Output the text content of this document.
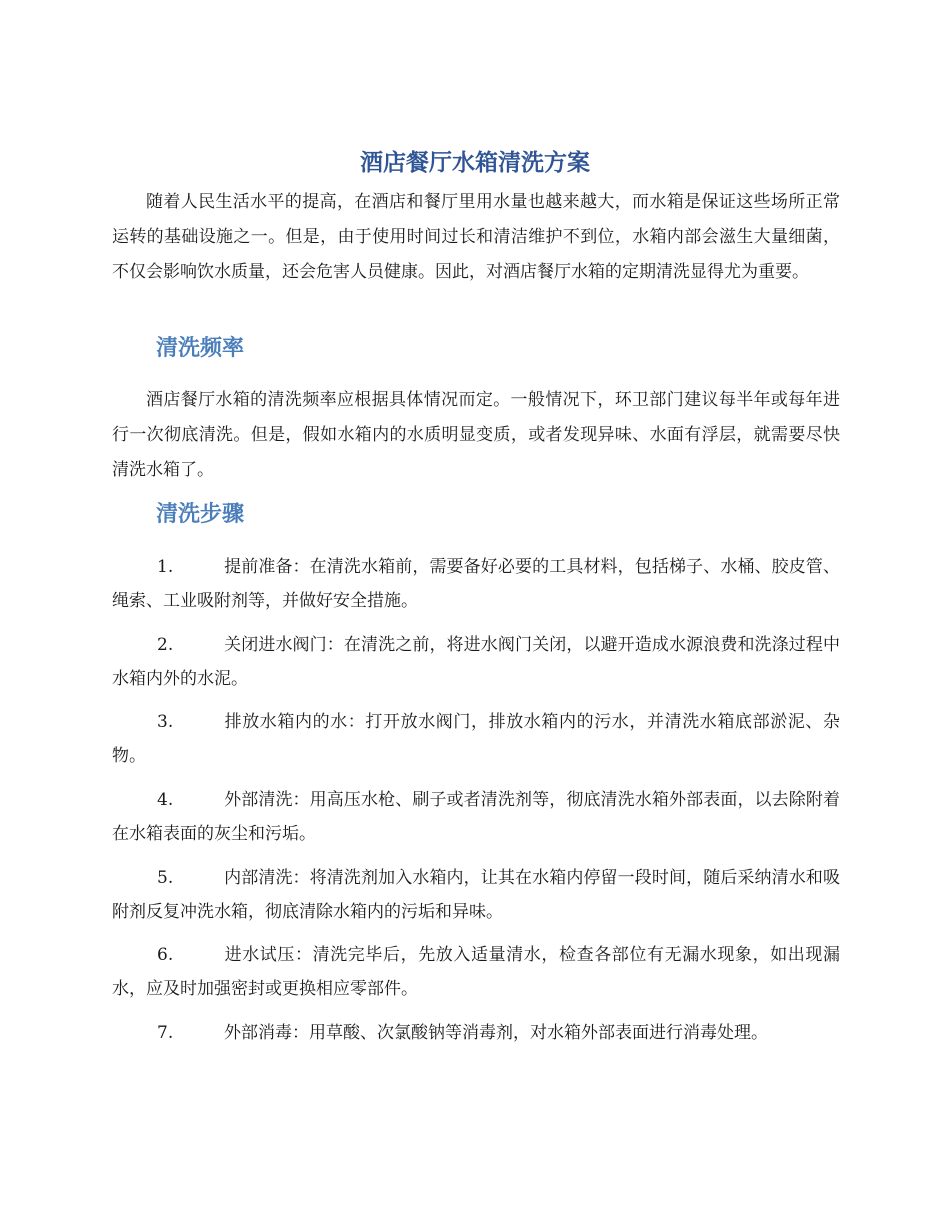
酒店餐厅水箱清洗方案

随着人民生活水平的提高，在酒店和餐厅里用水量也越来越大，而水箱是保证这些场所正常运转的基础设施之一。但是，由于使用时间过长和清洁维护不到位，水箱内部会滋生大量细菌，不仅会影响饮水质量，还会危害人员健康。因此，对酒店餐厅水箱的定期清洗显得尤为重要。

清洗频率

酒店餐厅水箱的清洗频率应根据具体情况而定。一般情况下，环卫部门建议每半年或每年进行一次彻底清洗。但是，假如水箱内的水质明显变质，或者发现异味、水面有浮层，就需要尽快清洗水箱了。

清洗步骤

1.	提前准备：在清洗水箱前，需要备好必要的工具材料，包括梯子、水桶、胶皮管、绳索、工业吸附剂等，并做好安全措施。

2.	关闭进水阀门：在清洗之前，将进水阀门关闭，以避开造成水源浪费和洗涤过程中水箱内外的水泥。

3.	排放水箱内的水：打开放水阀门，排放水箱内的污水，并清洗水箱底部淤泥、杂物。

4.	外部清洗：用高压水枪、刷子或者清洗剂等，彻底清洗水箱外部表面，以去除附着在水箱表面的灰尘和污垢。

5.	内部清洗：将清洗剂加入水箱内，让其在水箱内停留一段时间，随后采纳清水和吸附剂反复冲洗水箱，彻底清除水箱内的污垢和异味。

6.	进水试压：清洗完毕后，先放入适量清水，检查各部位有无漏水现象，如出现漏水，应及时加强密封或更换相应零部件。

7.	外部消毒：用草酸、次氯酸钠等消毒剂，对水箱外部表面进行消毒处理。
